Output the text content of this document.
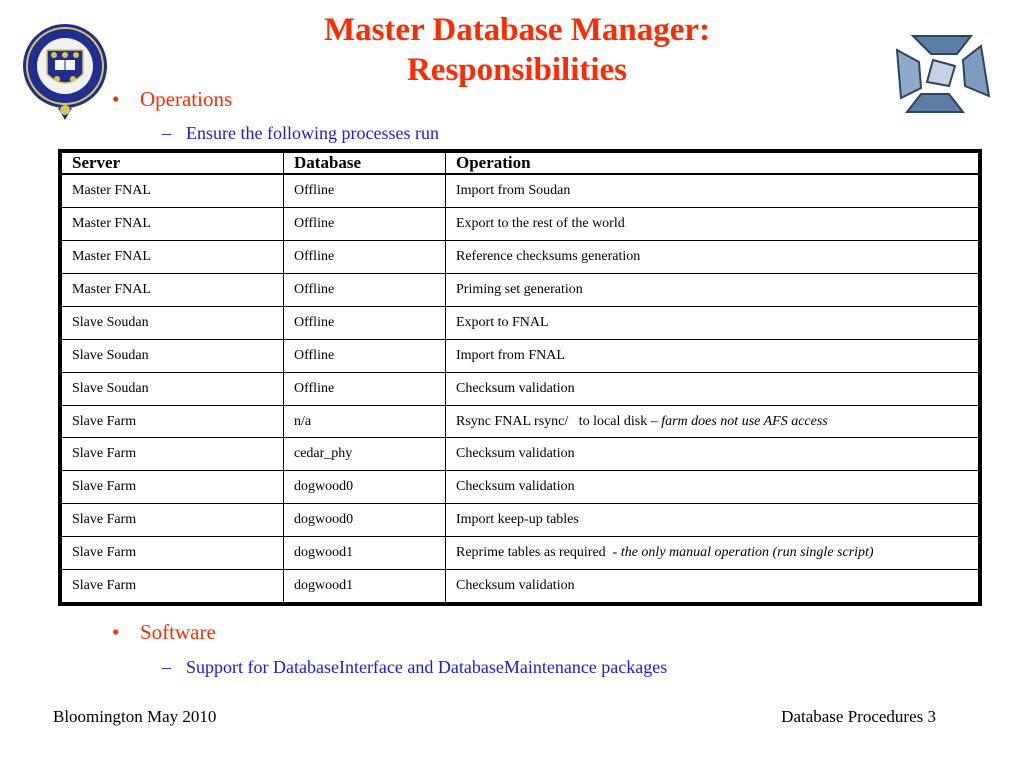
Master Database Manager:
Responsibilities
• Operations
– Ensure the following processes run
Server	Database	Operation
Master FNAL	Offline	Import from Soudan
Master FNAL	Offline	Export to the rest of the world
Master FNAL	Offline	Reference checksums generation
Master FNAL	Offline	Priming set generation
Slave Soudan	Offline	Export to FNAL
Slave Soudan	Offline	Import from FNAL
Slave Soudan	Offline	Checksum validation
Slave Farm	n/a	Rsync FNAL rsync/   to local disk – farm does not use AFS access
Slave Farm	cedar_phy	Checksum validation
Slave Farm	dogwood0	Checksum validation
Slave Farm	dogwood0	Import keep-up tables
Slave Farm	dogwood1	Reprime tables as required  - the only manual operation (run single script)
Slave Farm	dogwood1	Checksum validation
• Software
– Support for DatabaseInterface and DatabaseMaintenance packages
Bloomington May 2010	Database Procedures 3
